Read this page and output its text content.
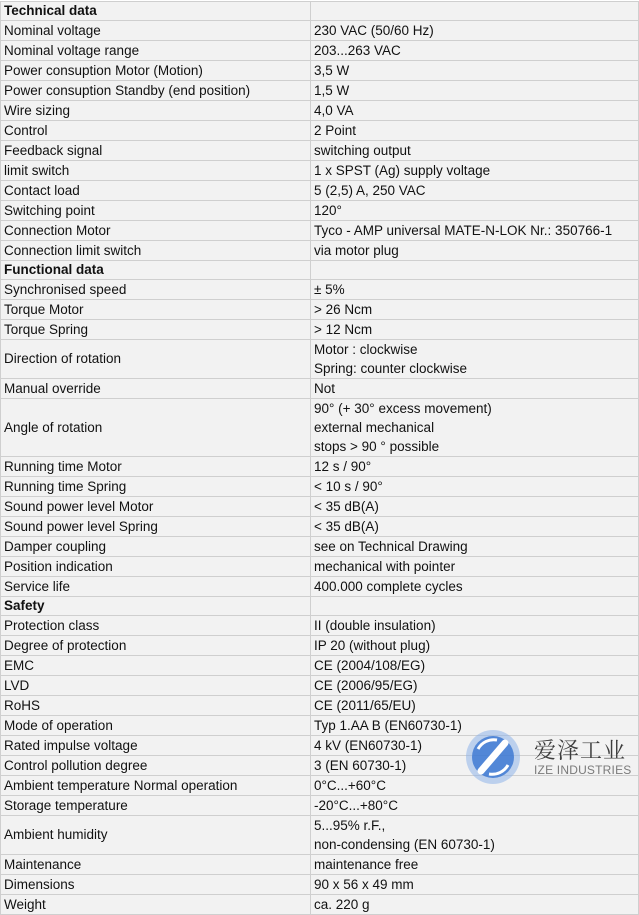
Technical data	
Nominal voltage	230 VAC (50/60 Hz)

Nominal voltage range	203...263 VAC

Power consuption Motor (Motion)	3,5 W

Power consuption Standby (end position)	1,5 W

Wire sizing	4,0 VA

Control	2 Point

Feedback signal	switching output

limit switch	1 x SPST (Ag) supply voltage

Contact load	5 (2,5) A, 250 VAC

Switching point	120°

Connection Motor	Tyco - AMP universal MATE-N-LOK Nr.: 350766-1

Connection limit switch	via motor plug

Functional data	
Synchronised speed	± 5%

Torque Motor	> 26 Ncm

Torque Spring	> 12 Ncm

Direction of rotation	Motor : clockwise
Spring: counter clockwise

Manual override	Not

Angle of rotation	90° (+ 30° excess movement)
external mechanical
stops > 90 ° possible

Running time Motor	12 s / 90°

Running time Spring	< 10 s / 90°

Sound power level Motor	< 35 dB(A)

Sound power level Spring	< 35 dB(A)

Damper coupling	see on Technical Drawing

Position indication	mechanical with pointer

Service life	400.000 complete cycles

Safety	
Protection class	II (double insulation)

Degree of protection	IP 20 (without plug)

EMC	CE (2004/108/EG)

LVD	CE (2006/95/EG)

RoHS	CE (2011/65/EU)

Mode of operation	Typ 1.AA B (EN60730-1)

Rated impulse voltage	4 kV (EN60730-1)

Control pollution degree	3 (EN 60730-1)

Ambient temperature Normal operation	0°C...+60°C

Storage temperature	-20°C...+80°C

Ambient humidity	5...95% r.F.,
non-condensing (EN 60730-1)

Maintenance	maintenance free

Dimensions	90 x 56 x 49 mm

Weight	ca. 220 g
爱泽工业
IZE INDUSTRIES
